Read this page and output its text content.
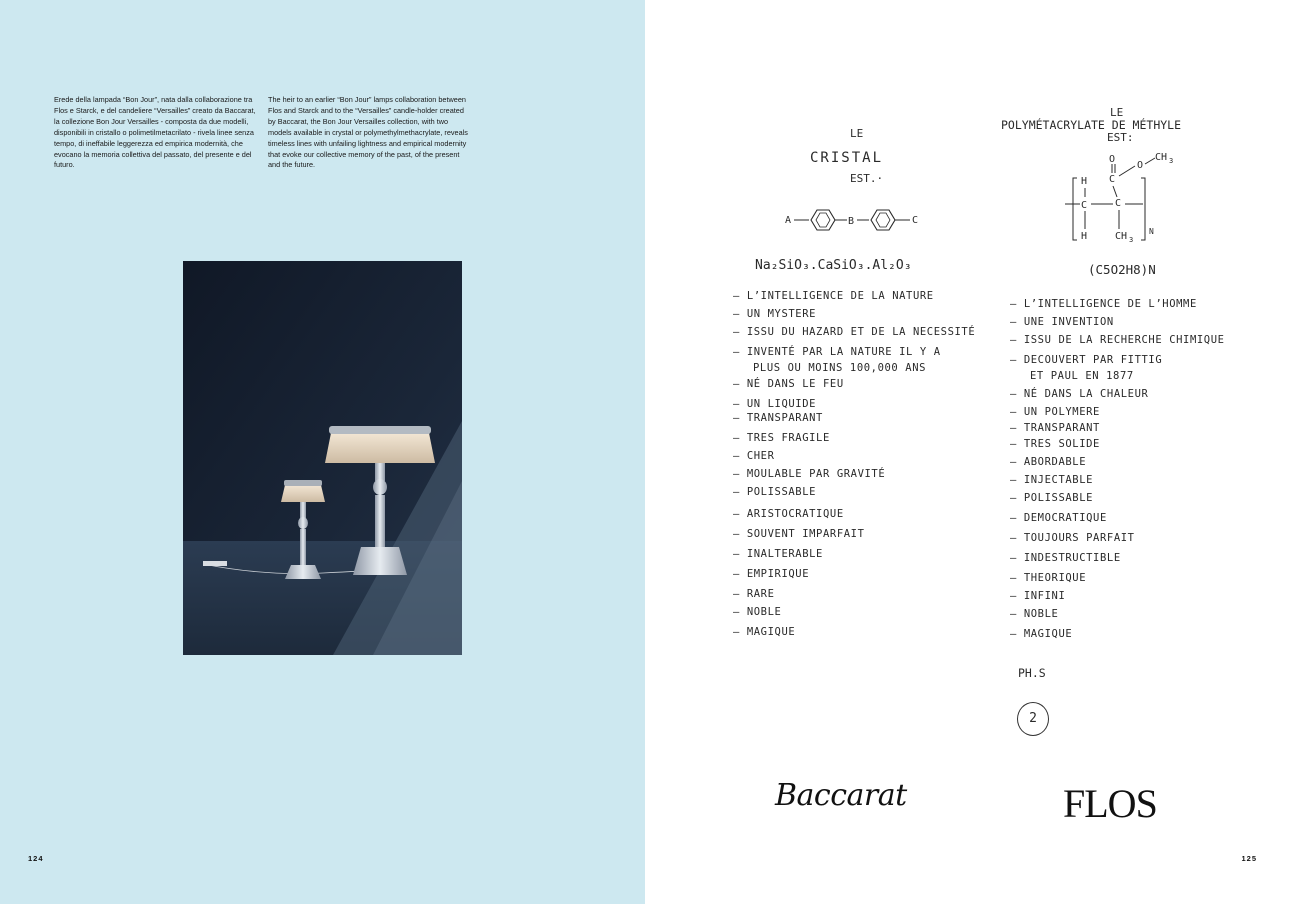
Erede della lampada “Bon Jour”, nata dalla collaborazione tra Flos e Starck, e del candeliere “Versailles” creato da Baccarat, la collezione Bon Jour Versailles - composta da due modelli, disponibili in cristallo o polimetilmetacrilato - rivela linee senza tempo, di ineffabile leggerezza ed empirica modernità, che evocano la memoria collettiva del passato, del presente e del futuro.

The heir to an earlier “Bon Jour” lamps collaboration between Flos and Starck and to the “Versailles” candle-holder created by Baccarat, the Bon Jour Versailles collection, with two models available in crystal or polymethylmethacrylate, reveals timeless lines with unfailing lightness and empirical modernity that evoke our collective memory of the past, of the present and the future.

124
LE
CRISTAL
EST.·
A	B	C
Na₂SiO₃.CaSiO₃.Al₂O₃
— L’INTELLIGENCE DE LA NATURE
— UN MYSTERE
— ISSU DU HAZARD ET DE LA NECESSITÉ
— INVENTÉ PAR LA NATURE IL Y A
PLUS OU MOINS 100,000 ANS
— NÉ DANS LE FEU
— UN LIQUIDE
— TRANSPARANT
— TRES FRAGILE
— CHER
— MOULABLE PAR GRAVITÉ
— POLISSABLE
— ARISTOCRATIQUE
— SOUVENT IMPARFAIT
— INALTERABLE
— EMPIRIQUE
— RARE
— NOBLE
— MAGIQUE
LE
POLYMÉTACRYLATE DE MÉTHYLE
EST:
O
O
CH 3
H C
C	C
H	CH 3
N
(C5O2H8)N
— L’INTELLIGENCE DE L’HOMME
— UNE INVENTION
— ISSU DE LA RECHERCHE CHIMIQUE
— DECOUVERT PAR FITTIG
ET PAUL EN 1877
— NÉ DANS LA CHALEUR
— UN POLYMERE
— TRANSPARANT
— TRES SOLIDE
— ABORDABLE
— INJECTABLE
— POLISSABLE
— DEMOCRATIQUE
— TOUJOURS PARFAIT
— INDESTRUCTIBLE
— THEORIQUE
— INFINI
— NOBLE
— MAGIQUE
PH.S
2
Baccarat	FLOS
125
